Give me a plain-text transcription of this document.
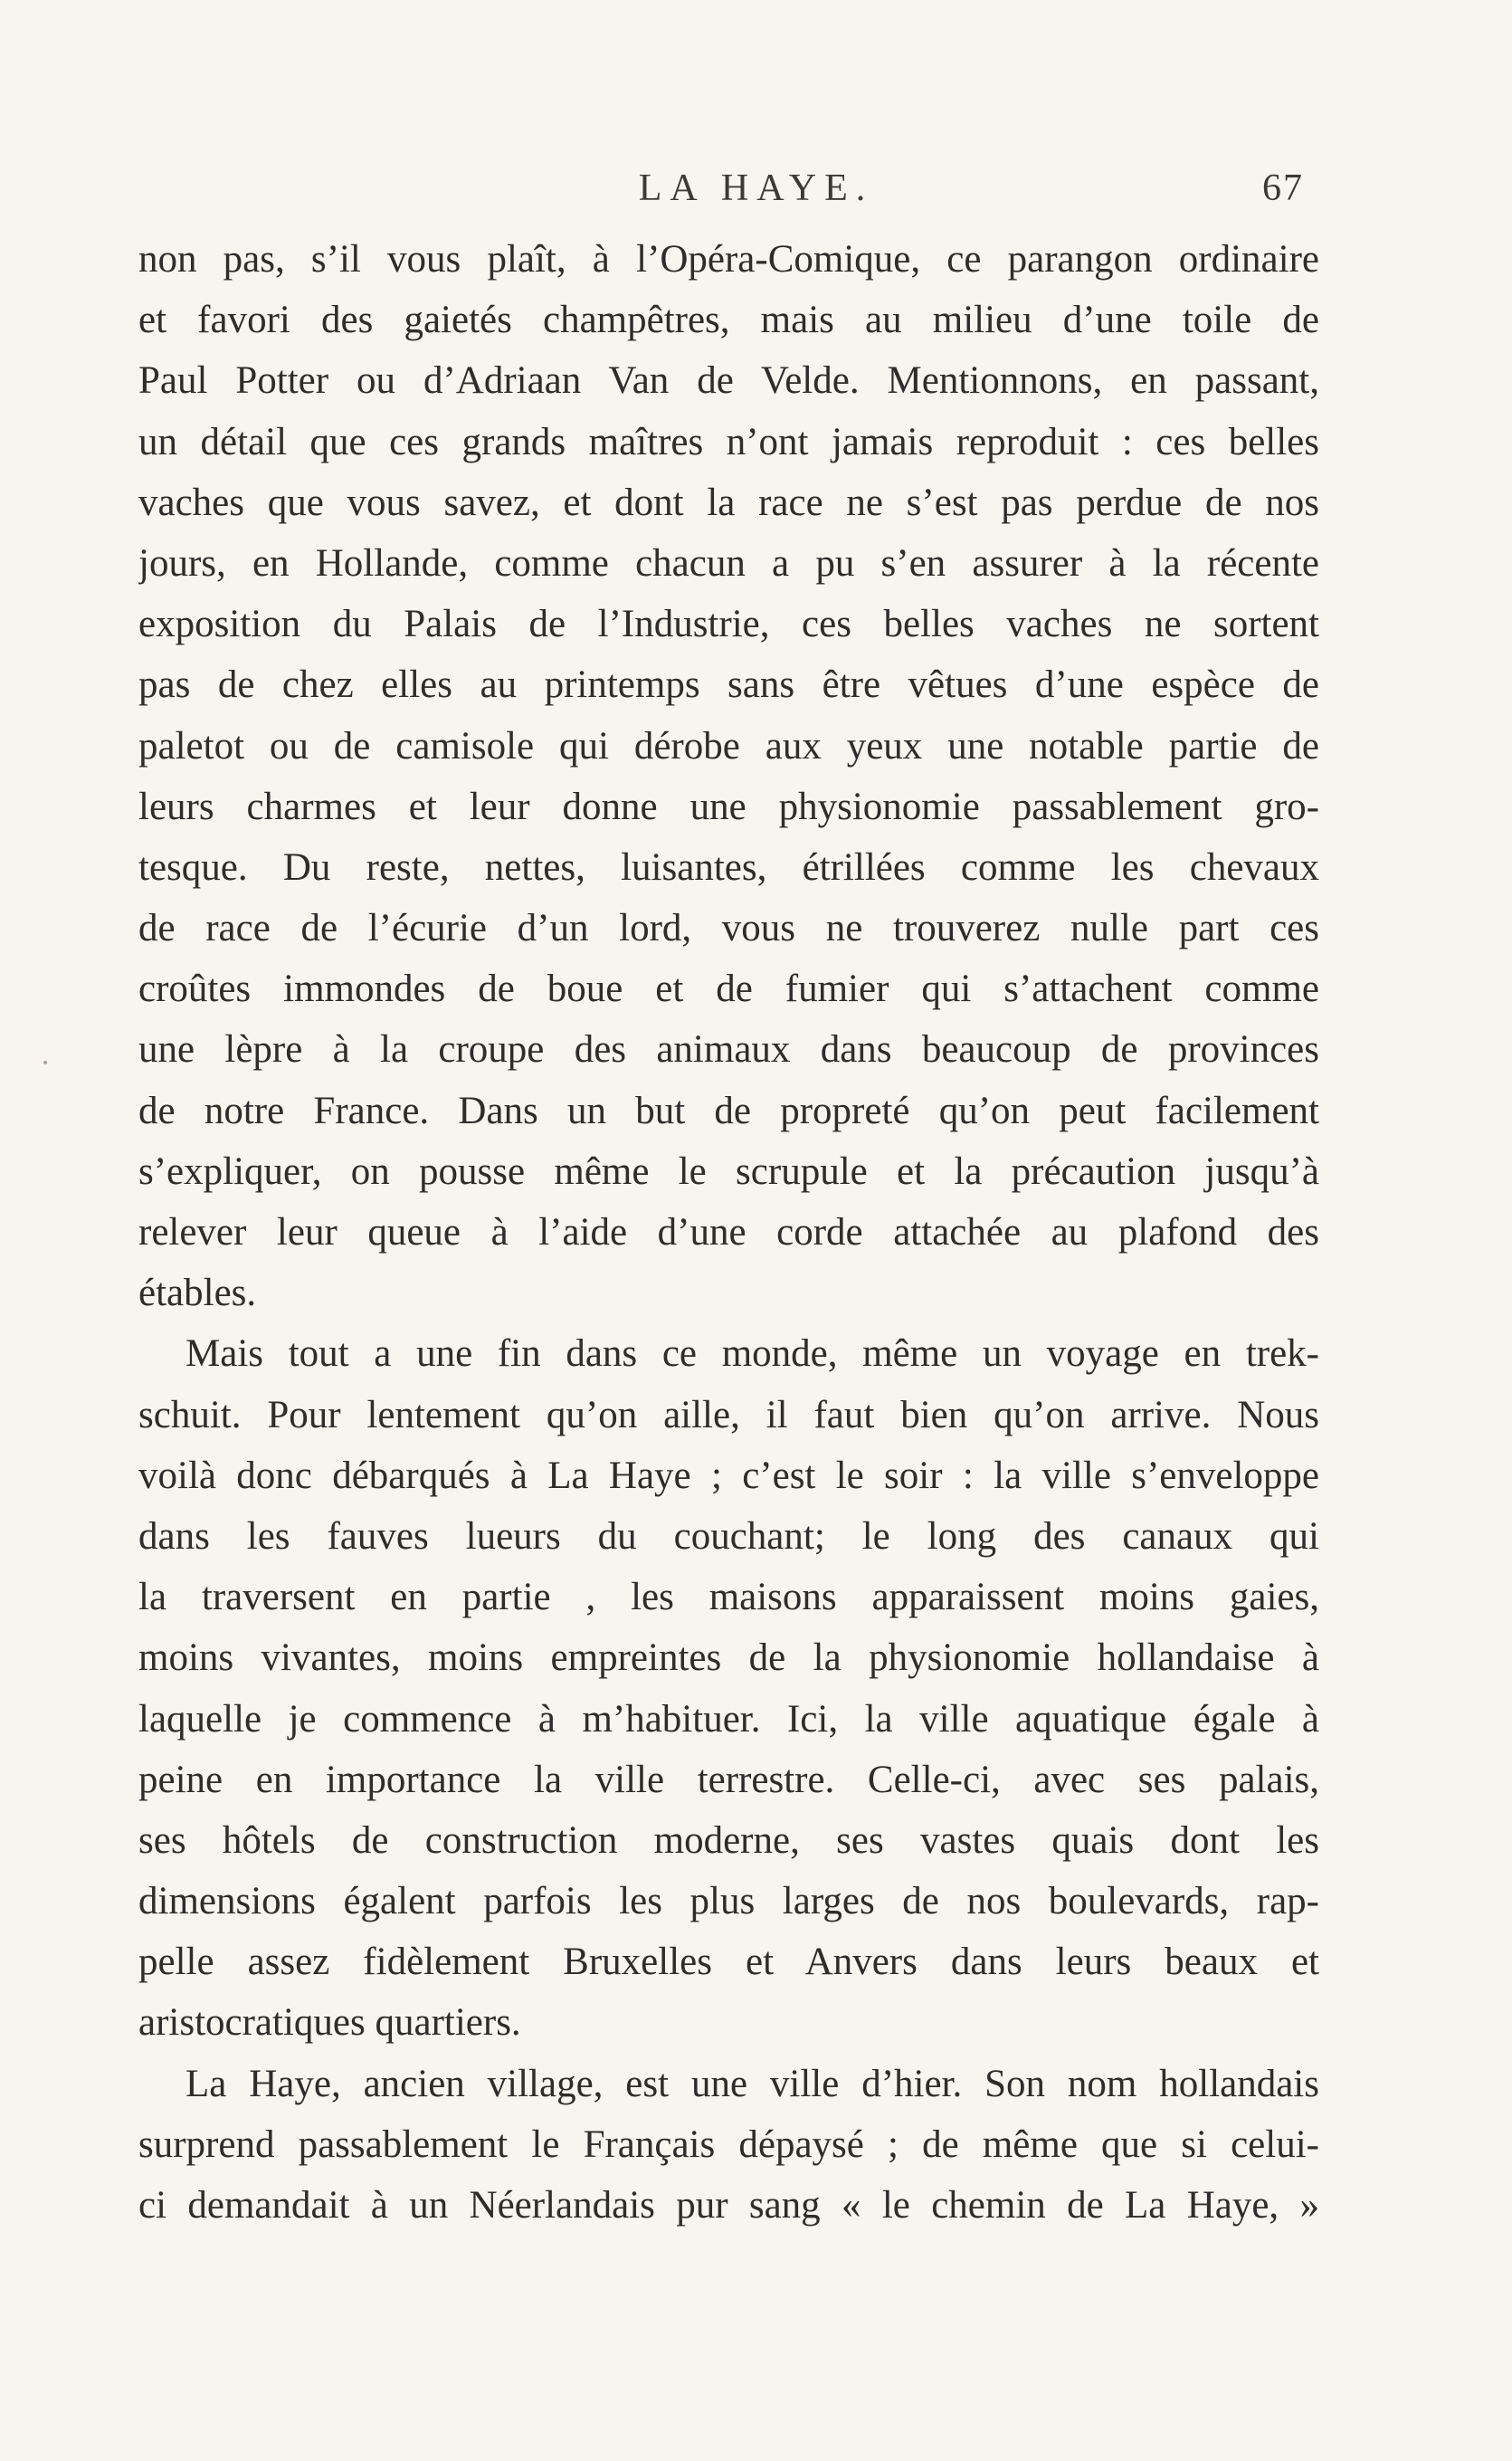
LA HAYE.	67
•
non pas, s’il vous plaît, à l’Opéra-Comique, ce parangon ordinaire
et favori des gaietés champêtres, mais au milieu d’une toile de
Paul Potter ou d’Adriaan Van de Velde. Mentionnons, en passant,
un détail que ces grands maîtres n’ont jamais reproduit : ces belles
vaches que vous savez, et dont la race ne s’est pas perdue de nos
jours, en Hollande, comme chacun a pu s’en assurer à la récente
exposition du Palais de l’Industrie, ces belles vaches ne sortent
pas de chez elles au printemps sans être vêtues d’une espèce de
paletot ou de camisole qui dérobe aux yeux une notable partie de
leurs charmes et leur donne une physionomie passablement gro-
tesque. Du reste, nettes, luisantes, étrillées comme les chevaux
de race de l’écurie d’un lord, vous ne trouverez nulle part ces
croûtes immondes de boue et de fumier qui s’attachent comme
une lèpre à la croupe des animaux dans beaucoup de provinces
de notre France. Dans un but de propreté qu’on peut facilement
s’expliquer, on pousse même le scrupule et la précaution jusqu’à
relever leur queue à l’aide d’une corde attachée au plafond des
étables.
Mais tout a une fin dans ce monde, même un voyage en trek-
schuit. Pour lentement qu’on aille, il faut bien qu’on arrive. Nous
voilà donc débarqués à La Haye ; c’est le soir : la ville s’enveloppe
dans les fauves lueurs du couchant; le long des canaux qui
la traversent en partie , les maisons apparaissent moins gaies,
moins vivantes, moins empreintes de la physionomie hollandaise à
laquelle je commence à m’habituer. Ici, la ville aquatique égale à
peine en importance la ville terrestre. Celle-ci, avec ses palais,
ses hôtels de construction moderne, ses vastes quais dont les
dimensions égalent parfois les plus larges de nos boulevards, rap-
pelle assez fidèlement Bruxelles et Anvers dans leurs beaux et
aristocratiques quartiers.
La Haye, ancien village, est une ville d’hier. Son nom hollandais
surprend passablement le Français dépaysé ; de même que si celui-
ci demandait à un Néerlandais pur sang « le chemin de La Haye, »
